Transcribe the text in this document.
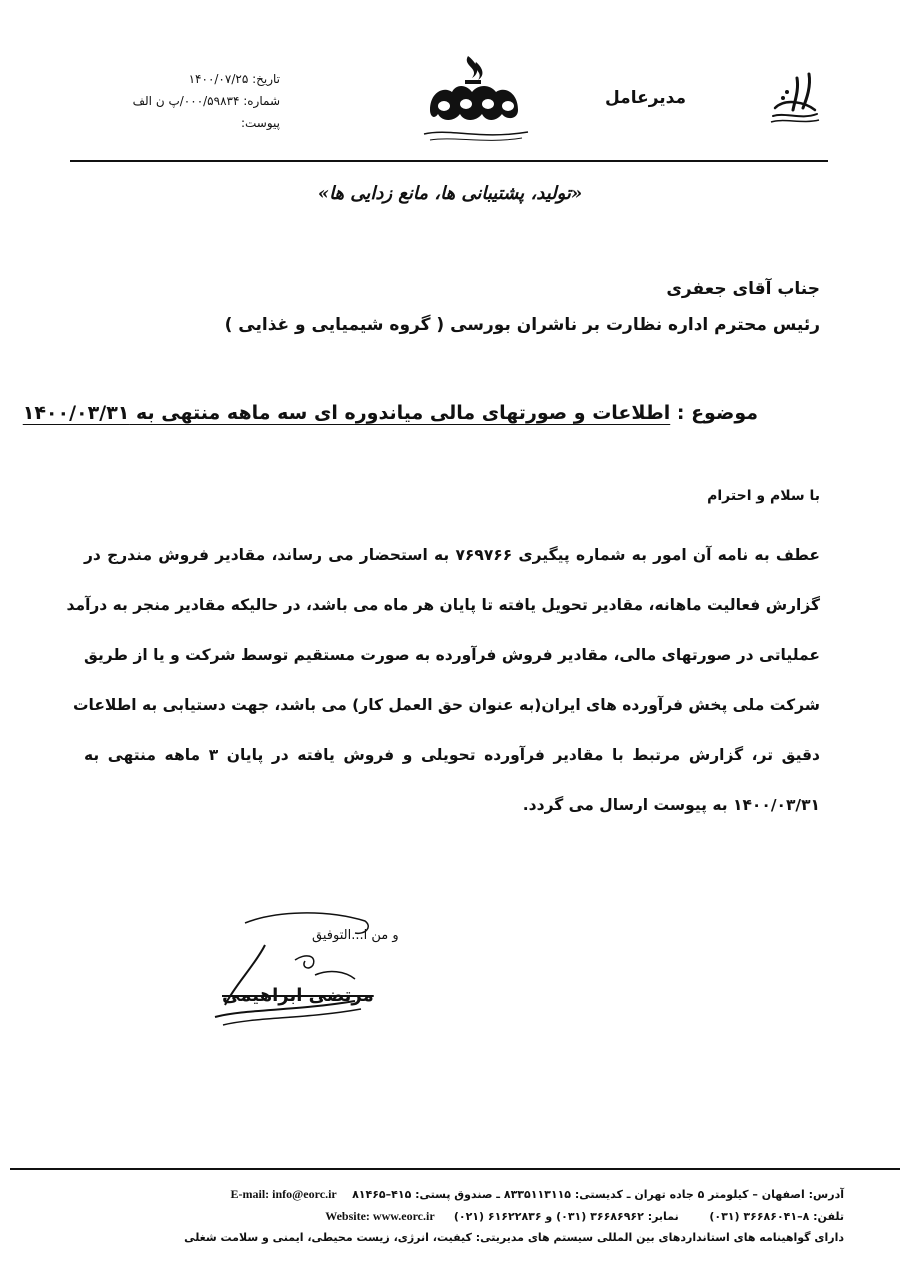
تاریخ: ۱۴۰۰/۰۷/۲۵
شماره: ۰۰۰/۵۹۸۳۴/پ ن الف
پیوست:
مدیرعامل
«تولید، پشتیبانی ها، مانع زدایی ها»
جناب آقای جعفری
رئیس محترم اداره نظارت بر ناشران بورسی ( گروه شیمیایی و غذایی )
موضوع : اطلاعات و صورتهای مالی میاندوره ای سه ماهه منتهی به ۱۴۰۰/۰۳/۳۱
با سلام و احترام
عطف به نامه آن امور به شماره پیگیری ۷۶۹۷۶۶ به استحضار می رساند، مقادیر فروش مندرج در
گزارش فعالیت ماهانه، مقادیر تحویل یافته تا پایان هر ماه می باشد، در حالیکه مقادیر منجر به درآمد
عملیاتی در صورتهای مالی، مقادیر فروش فرآورده به صورت مستقیم توسط شرکت و یا از طریق
شرکت ملی پخش فرآورده های ایران(به عنوان حق العمل کار) می باشد، جهت دستیابی به اطلاعات
دقیق تر، گزارش مرتبط با مقادیر فرآورده تحویلی و فروش یافته در پایان ۳ ماهه منتهی به
۱۴۰۰/۰۳/۳۱ به پیوست ارسال می گردد.
و من ا...التوفیق
مرتضی ابراهیمی
آدرس: اصفهان – کیلومتر ۵ جاده تهران ـ کدیستی: ۸۳۳۵۱۱۳۱۱۵ ـ صندوق پستی: ۴۱۵–۸۱۴۶۵    E-mail: info@eorc.ir
تلفن: ۸–۳۶۶۸۶۰۴۱ (۰۳۱)        نمابر: ۳۶۶۸۶۹۶۲ (۰۳۱) و ۶۱۶۲۲۸۳۶ (۰۲۱)     Website: www.eorc.ir
دارای گواهینامه های استانداردهای بین المللی سیستم های مدیریتی: کیفیت، انرژی، زیست محیطی، ایمنی و سلامت شغلی
